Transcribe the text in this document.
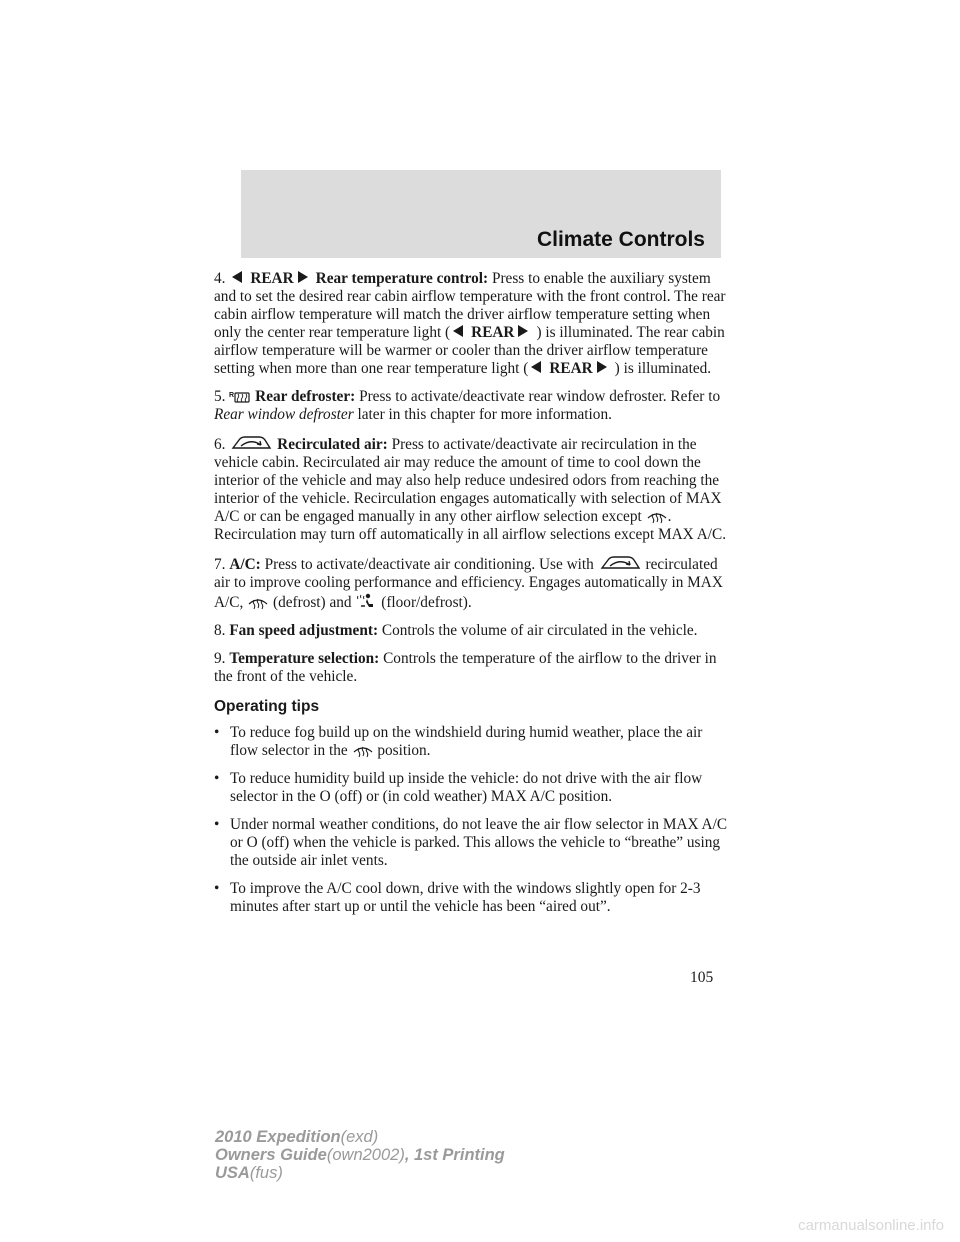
Climate Controls

4. REAR Rear temperature control: Press to enable the auxiliary system and to set the desired rear cabin airflow temperature with the front control. The rear cabin airflow temperature will match the driver airflow temperature setting when only the center rear temperature light ( REAR ) is illuminated. The rear cabin airflow temperature will be warmer or cooler than the driver airflow temperature setting when more than one rear temperature light ( REAR ) is illuminated.

5. R Rear defroster: Press to activate/deactivate rear window defroster. Refer to Rear window defroster later in this chapter for more information.

6.	Recirculated air: Press to activate/deactivate air recirculation in the vehicle cabin. Recirculated air may reduce the amount of time to cool down the interior of the vehicle and may also help reduce undesired odors from reaching the interior of the vehicle. Recirculation engages automatically with selection of MAX A/C or can be engaged manually in any other airflow selection except . Recirculation may turn off automatically in all airflow selections except MAX A/C.

7. A/C: Press to activate/deactivate air conditioning. Use with	recirculated air to improve cooling performance and efficiency. Engages automatically in MAX A/C, (defrost) and (floor/defrost).

8. Fan speed adjustment: Controls the volume of air circulated in the vehicle.

9. Temperature selection: Controls the temperature of the airflow to the driver in the front of the vehicle.

Operating tips
• To reduce fog build up on the windshield during humid weather, place the air flow selector in the position.
• To reduce humidity build up inside the vehicle: do not drive with the air flow selector in the O (off) or (in cold weather) MAX A/C position.
• Under normal weather conditions, do not leave the air flow selector in MAX A/C or O (off) when the vehicle is parked. This allows the vehicle to “breathe” using the outside air inlet vents.
• To improve the A/C cool down, drive with the windows slightly open for 2-3 minutes after start up or until the vehicle has been “aired out”.
105
2010 Expedition(exd)
Owners Guide(own2002), 1st Printing
USA(fus)
carmanualsonline.info
